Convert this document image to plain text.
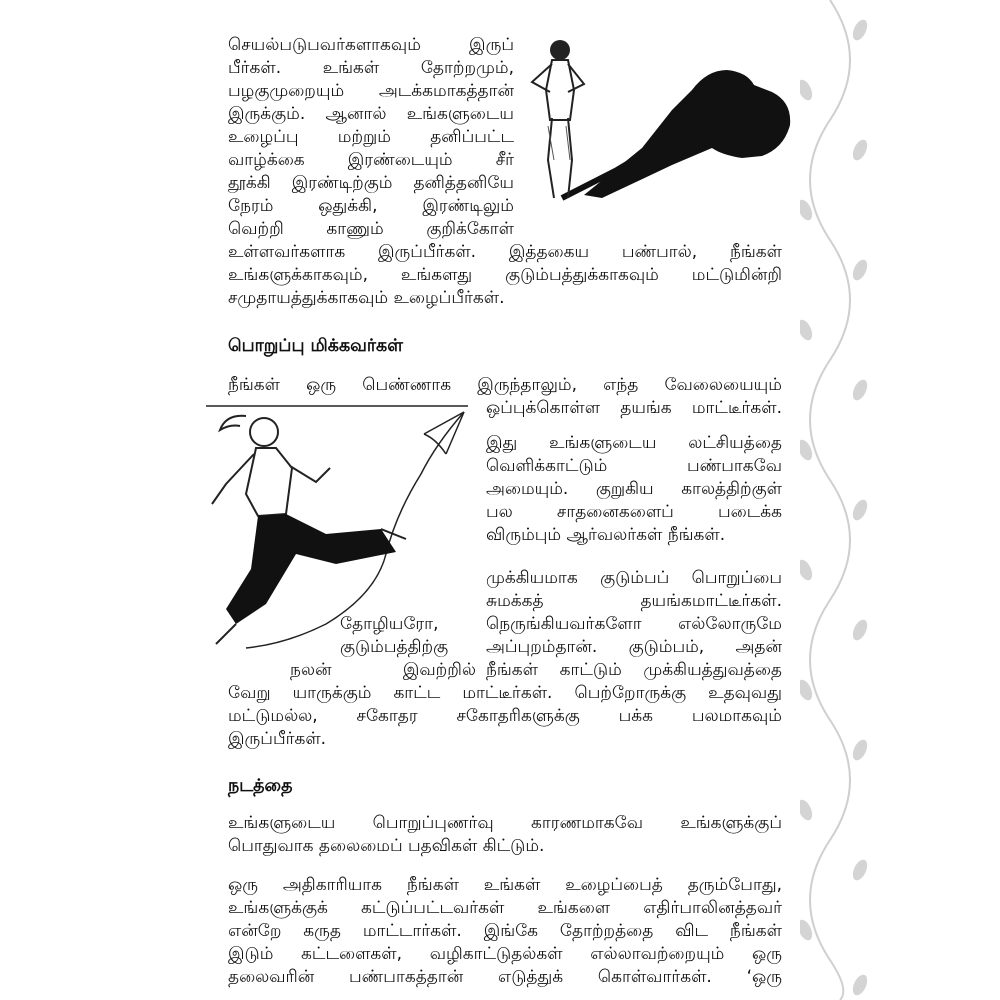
செயல்படுபவர்களாகவும்	இருப்
பீர்கள். உங்கள் தோற்றமும்,
பழகுமுறையும் அடக்கமாகத்தான்
இருக்கும். ஆனால் உங்களுடைய
உழைப்பு மற்றும் தனிப்பட்ட
வாழ்க்கை	இரண்டையும்	சீர்
தூக்கி இரண்டிற்கும் தனித்தனியே
நேரம்	ஒதுக்கி,	இரண்டிலும்
வெற்றி	காணும்	குறிக்கோள்
உள்ளவர்களாக இருப்பீர்கள். இத்தகைய பண்பால், நீங்கள்
உங்களுக்காகவும், உங்களது குடும்பத்துக்காகவும் மட்டுமின்றி
சமுதாயத்துக்காகவும் உழைப்பீர்கள்.
பொறுப்பு மிக்கவர்கள்
நீங்கள் ஒரு பெண்ணாக இருந்தாலும், எந்த வேலையையும்
ஒப்புக்கொள்ள தயங்க மாட்டீர்கள்.
இது உங்களுடைய லட்சியத்தை
வெளிக்காட்டும்	பண்பாகவே
அமையும். குறுகிய காலத்திற்குள்
பல	சாதனைகளைப்	படைக்க
விரும்பும் ஆர்வலர்கள் நீங்கள்.
முக்கியமாக குடும்பப் பொறுப்பை
சுமக்கத்	தயங்கமாட்டீர்கள்.
நெருங்கியவர்களோ எல்லோருமே
அப்புறம்தான். குடும்பம், அதன்
நீங்கள் காட்டும் முக்கியத்துவத்தை
தோழியரோ,
குடும்பத்திற்கு
நலன்	இவற்றில்
வேறு யாருக்கும் காட்ட மாட்டீர்கள். பெற்றோருக்கு உதவுவது
மட்டுமல்ல, சகோதர சகோதரிகளுக்கு பக்க பலமாகவும்
இருப்பீர்கள்.
நடத்தை
உங்களுடைய பொறுப்புணர்வு காரணமாகவே உங்களுக்குப்
பொதுவாக தலைமைப் பதவிகள் கிட்டும்.
ஒரு அதிகாரியாக நீங்கள் உங்கள் உழைப்பைத் தரும்போது,
உங்களுக்குக் கட்டுப்பட்டவர்கள் உங்களை எதிர்பாலினத்தவர்
என்றே கருத மாட்டார்கள். இங்கே தோற்றத்தை விட நீங்கள்
இடும் கட்டளைகள், வழிகாட்டுதல்கள் எல்லாவற்றையும் ஒரு
தலைவரின் பண்பாகத்தான் எடுத்துக் கொள்வார்கள். ‘ஒரு
